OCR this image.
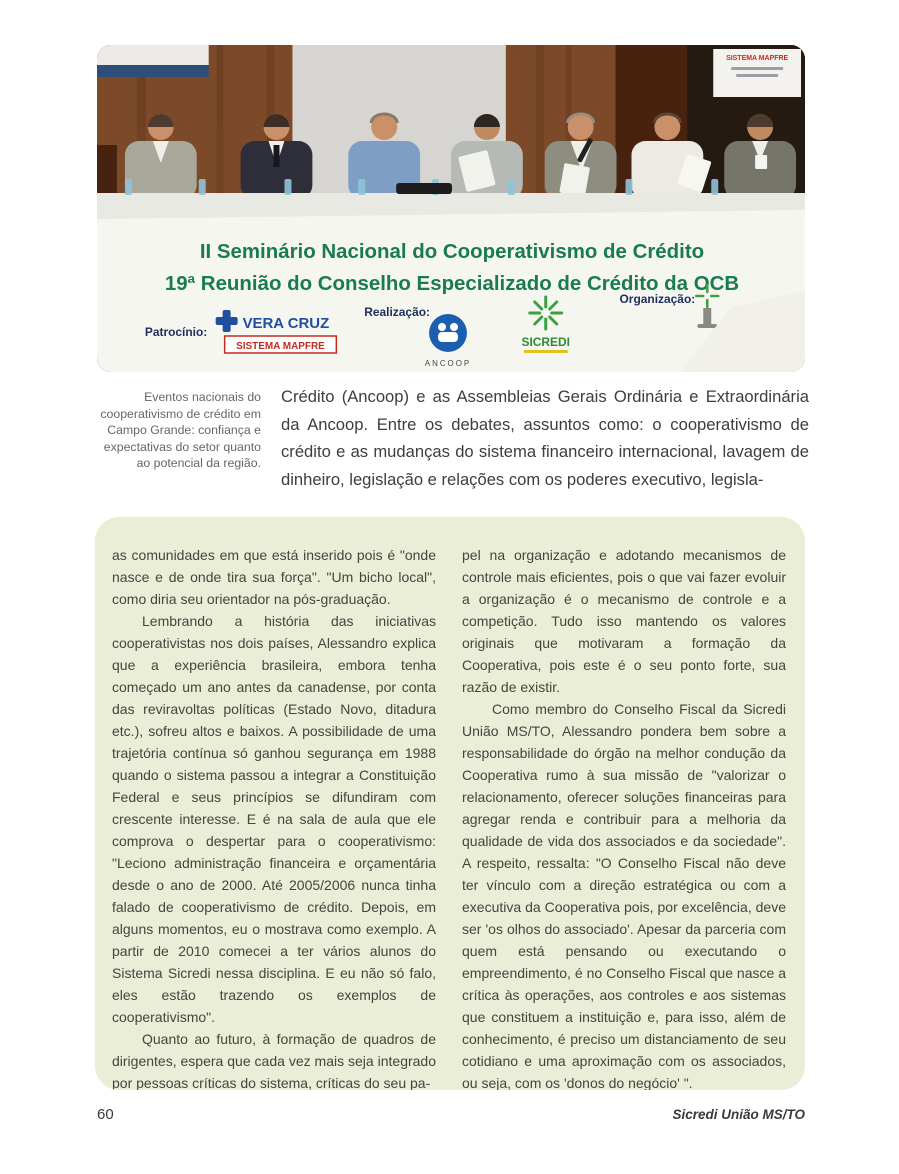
SISTEMA MAPFRE
II Seminário Nacional do Cooperativismo de Crédito
19ª Reunião do Conselho Especializado de Crédito da OCB
Patrocínio: VERA CRUZ
SISTEMA MAPFRE
Realização:
ANCOOP
SICREDI
Organização:
Eventos nacionais do cooperativismo de crédito em Campo Grande: confiança e expectativas do setor quanto ao potencial da região.

Crédito (Ancoop) e as Assembleias Gerais Ordinária e Extraordinária da Ancoop. Entre os debates, assuntos como: o cooperativismo de crédito e as mudanças do sistema financeiro internacional, lavagem de dinheiro, legislação e relações com os poderes executivo, legisla-

as comunidades em que está inserido pois é "onde nasce e de onde tira sua força". "Um bicho local", como diria seu orientador na pós-graduação.

Lembrando a história das iniciativas cooperativistas nos dois países, Alessandro explica que a experiência brasileira, embora tenha começado um ano antes da canadense, por conta das reviravoltas políticas (Estado Novo, ditadura etc.), sofreu altos e baixos. A possibilidade de uma trajetória contínua só ganhou segurança em 1988 quando o sistema passou a integrar a Constituição Federal e seus princípios se difundiram com crescente interesse. E é na sala de aula que ele comprova o despertar para o cooperativismo: "Leciono administração financeira e orçamentária desde o ano de 2000. Até 2005/2006 nunca tinha falado de cooperativismo de crédito. Depois, em alguns momentos, eu o mostrava como exemplo. A partir de 2010 comecei a ter vários alunos do Sistema Sicredi nessa disciplina. E eu não só falo, eles estão trazendo os exemplos de cooperativismo".

Quanto ao futuro, à formação de quadros de dirigentes, espera que cada vez mais seja integrado por pessoas críticas do sistema, críticas do seu pa-

pel na organização e adotando mecanismos de controle mais eficientes, pois o que vai fazer evoluir a organização é o mecanismo de controle e a competição. Tudo isso mantendo os valores originais que motivaram a formação da Cooperativa, pois este é o seu ponto forte, sua razão de existir.

Como membro do Conselho Fiscal da Sicredi União MS/TO, Alessandro pondera bem sobre a responsabilidade do órgão na melhor condução da Cooperativa rumo à sua missão de "valorizar o relacionamento, oferecer soluções financeiras para agregar renda e contribuir para a melhoria da qualidade de vida dos associados e da sociedade". A respeito, ressalta: "O Conselho Fiscal não deve ter vínculo com a direção estratégica ou com a executiva da Cooperativa pois, por excelência, deve ser 'os olhos do associado'. Apesar da parceria com quem está pensando ou executando o empreendimento, é no Conselho Fiscal que nasce a crítica às operações, aos controles e aos sistemas que constituem a instituição e, para isso, além de conhecimento, é preciso um distanciamento de seu cotidiano e uma aproximação com os associados, ou seja, com os 'donos do negócio' ".

60	Sicredi União MS/TO
